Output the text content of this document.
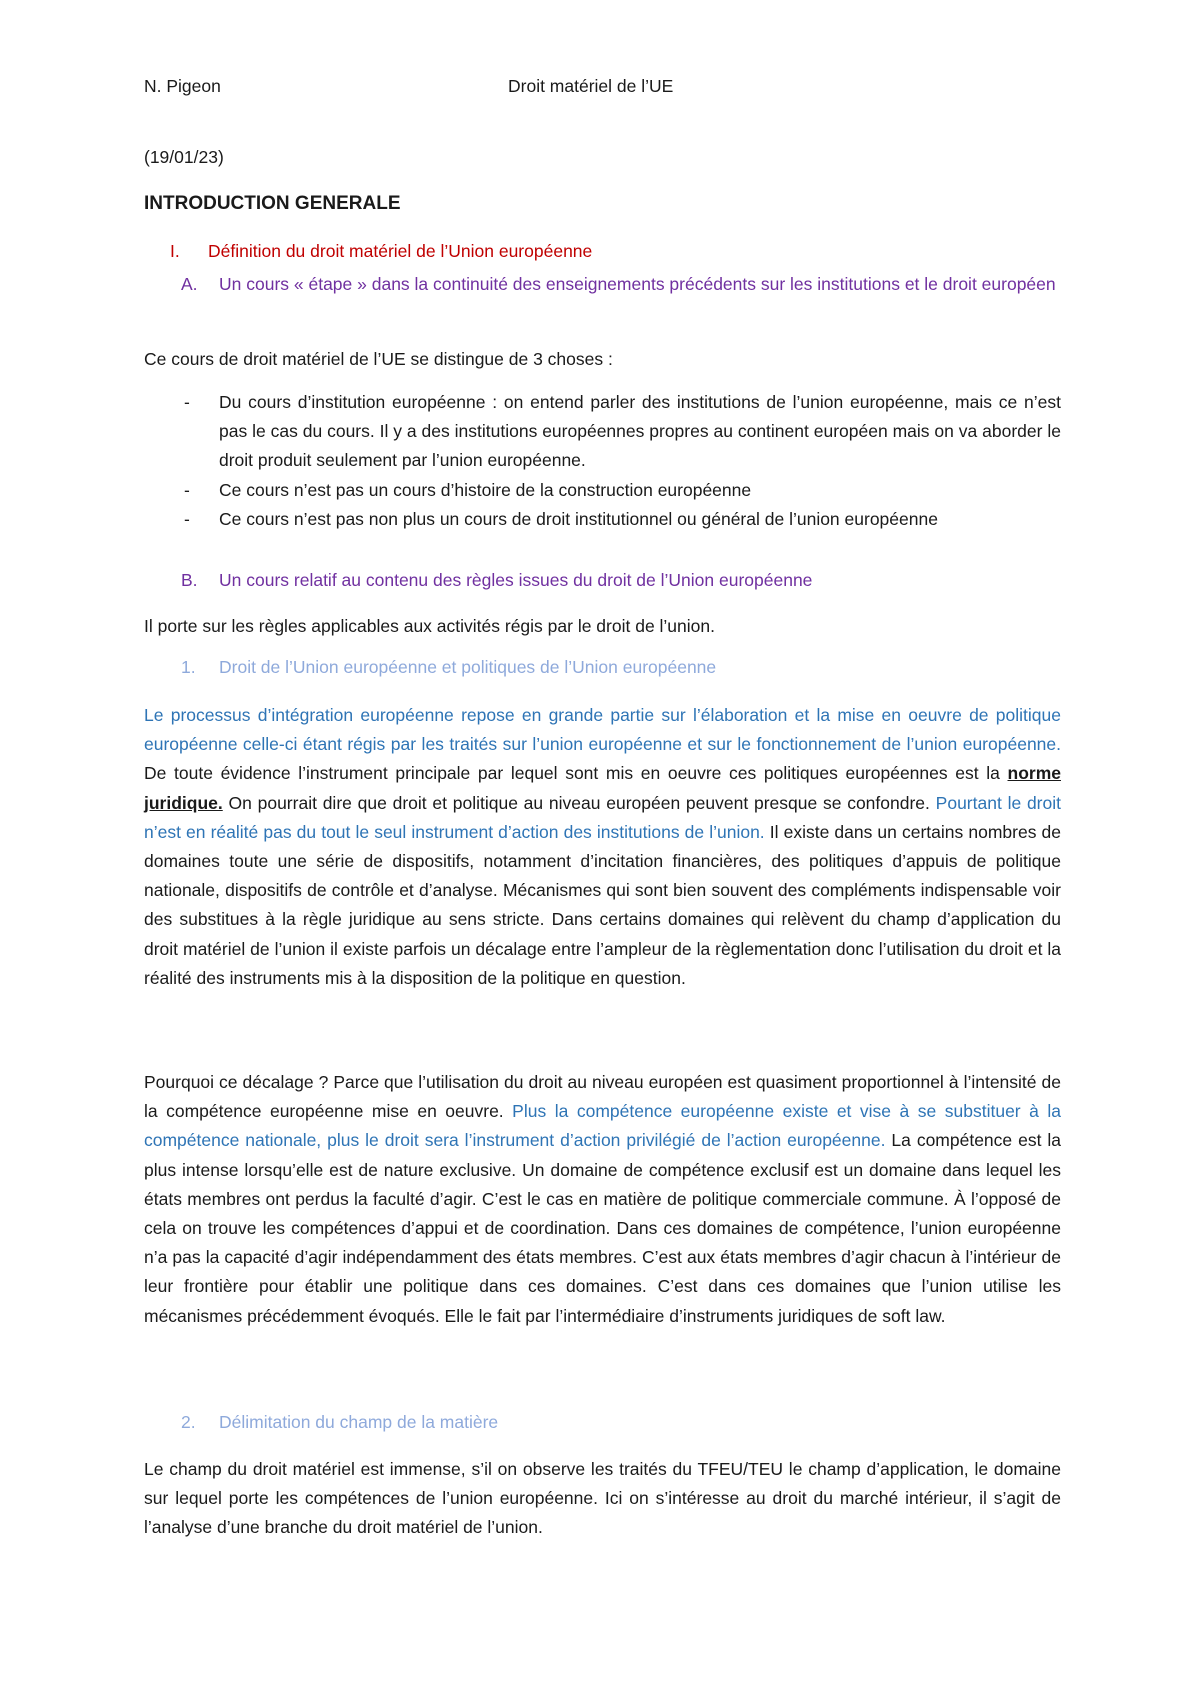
N. Pigeon	Droit matériel de l’UE
(19/01/23)
INTRODUCTION GENERALE
I.	Définition du droit matériel de l’Union européenne
A.	Un cours « étape » dans la continuité des enseignements précédents sur les institutions et le droit européen

Ce cours de droit matériel de l’UE se distingue de 3 choses :

- Du cours d’institution européenne : on entend parler des institutions de l’union européenne, mais ce n’est pas le cas du cours. Il y a des institutions européennes propres au continent européen mais on va aborder le droit produit seulement par l’union européenne.
- Ce cours n’est pas un cours d’histoire de la construction européenne
- Ce cours n’est pas non plus un cours de droit institutionnel ou général de l’union européenne
B.	Un cours relatif au contenu des règles issues du droit de l’Union européenne

Il porte sur les règles applicables aux activités régis par le droit de l’union.

1.	Droit de l’Union européenne et politiques de l’Union européenne

Le processus d’intégration européenne repose en grande partie sur l’élaboration et la mise en oeuvre de politique européenne celle-ci étant régis par les traités sur l’union européenne et sur le fonctionnement de l’union européenne. De toute évidence l’instrument principale par lequel sont mis en oeuvre ces politiques européennes est la norme juridique. On pourrait dire que droit et politique au niveau européen peuvent presque se confondre. Pourtant le droit n’est en réalité pas du tout le seul instrument d’action des institutions de l’union. Il existe dans un certains nombres de domaines toute une série de dispositifs, notamment d’incitation financières, des politiques d’appuis de politique nationale, dispositifs de contrôle et d’analyse. Mécanismes qui sont bien souvent des compléments indispensable voir des substitues à la règle juridique au sens stricte. Dans certains domaines qui relèvent du champ d’application du droit matériel de l’union il existe parfois un décalage entre l’ampleur de la règlementation donc l’utilisation du droit et la réalité des instruments mis à la disposition de la politique en question.

Pourquoi ce décalage ? Parce que l’utilisation du droit au niveau européen est quasiment proportionnel à l’intensité de la compétence européenne mise en oeuvre. Plus la compétence européenne existe et vise à se substituer à la compétence nationale, plus le droit sera l’instrument d’action privilégié de l’action européenne. La compétence est la plus intense lorsqu’elle est de nature exclusive. Un domaine de compétence exclusif est un domaine dans lequel les états membres ont perdus la faculté d’agir. C’est le cas en matière de politique commerciale commune. À l’opposé de cela on trouve les compétences d’appui et de coordination. Dans ces domaines de compétence, l’union européenne n’a pas la capacité d’agir indépendamment des états membres. C’est aux états membres d’agir chacun à l’intérieur de leur frontière pour établir une politique dans ces domaines. C’est dans ces domaines que l’union utilise les mécanismes précédemment évoqués. Elle le fait par l’intermédiaire d’instruments juridiques de soft law.

2.	Délimitation du champ de la matière

Le champ du droit matériel est immense, s’il on observe les traités du TFEU/TEU le champ d’application, le domaine sur lequel porte les compétences de l’union européenne. Ici on s’intéresse au droit du marché intérieur, il s’agit de l’analyse d’une branche du droit matériel de l’union.
